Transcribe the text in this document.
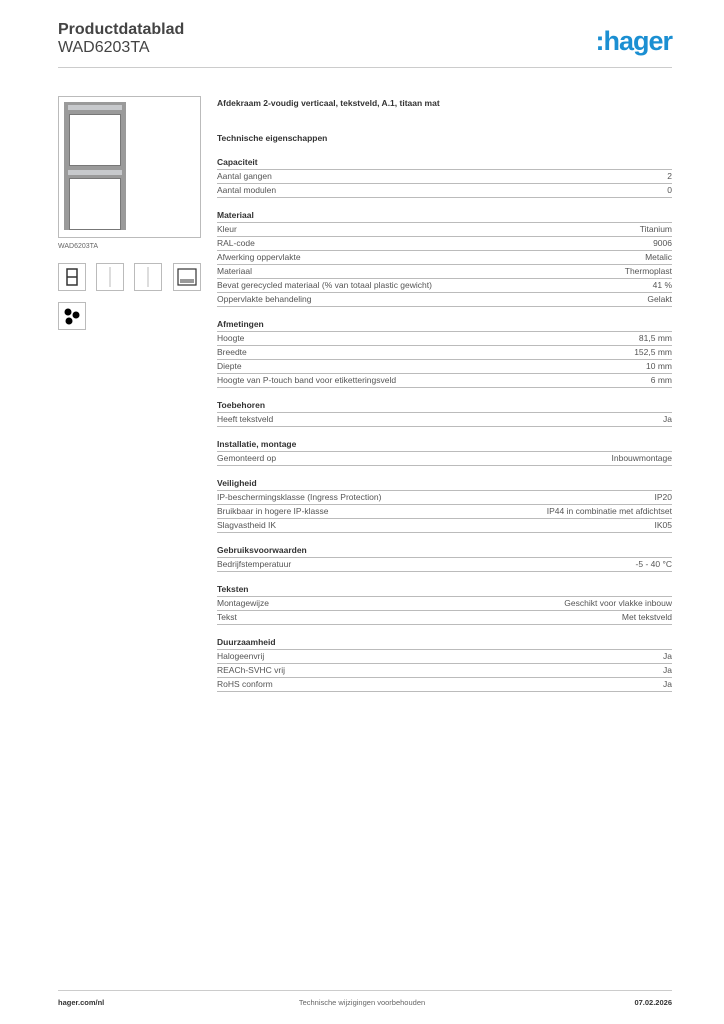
Productdatablad
WAD6203TA	:hager
WAD6203TA
Afdekraam 2-voudig verticaal, tekstveld, A.1, titaan mat
Technische eigenschappen
Capaciteit
Aantal gangen	2
Aantal modulen	0
Materiaal
Kleur	Titanium
RAL-code	9006
Afwerking oppervlakte	Metalic
Materiaal	Thermoplast
Bevat gerecycled materiaal (% van totaal plastic gewicht)	41 %
Oppervlakte behandeling	Gelakt
Afmetingen
Hoogte	81,5 mm
Breedte	152,5 mm
Diepte	10 mm
Hoogte van P-touch band voor etiketteringsveld	6 mm
Toebehoren
Heeft tekstveld	Ja
Installatie, montage
Gemonteerd op	Inbouwmontage
Veiligheid
IP-beschermingsklasse (Ingress Protection)	IP20
Bruikbaar in hogere IP-klasse	IP44 in combinatie met afdichtset
Slagvastheid IK	IK05
Gebruiksvoorwaarden
Bedrijfstemperatuur	-5 - 40 °C
Teksten
Montagewijze	Geschikt voor vlakke inbouw
Tekst	Met tekstveld
Duurzaamheid
Halogeenvrij	Ja
REACh-SVHC vrij	Ja
RoHS conform	Ja
hager.com/nl	Technische wijzigingen voorbehouden	07.02.2026
